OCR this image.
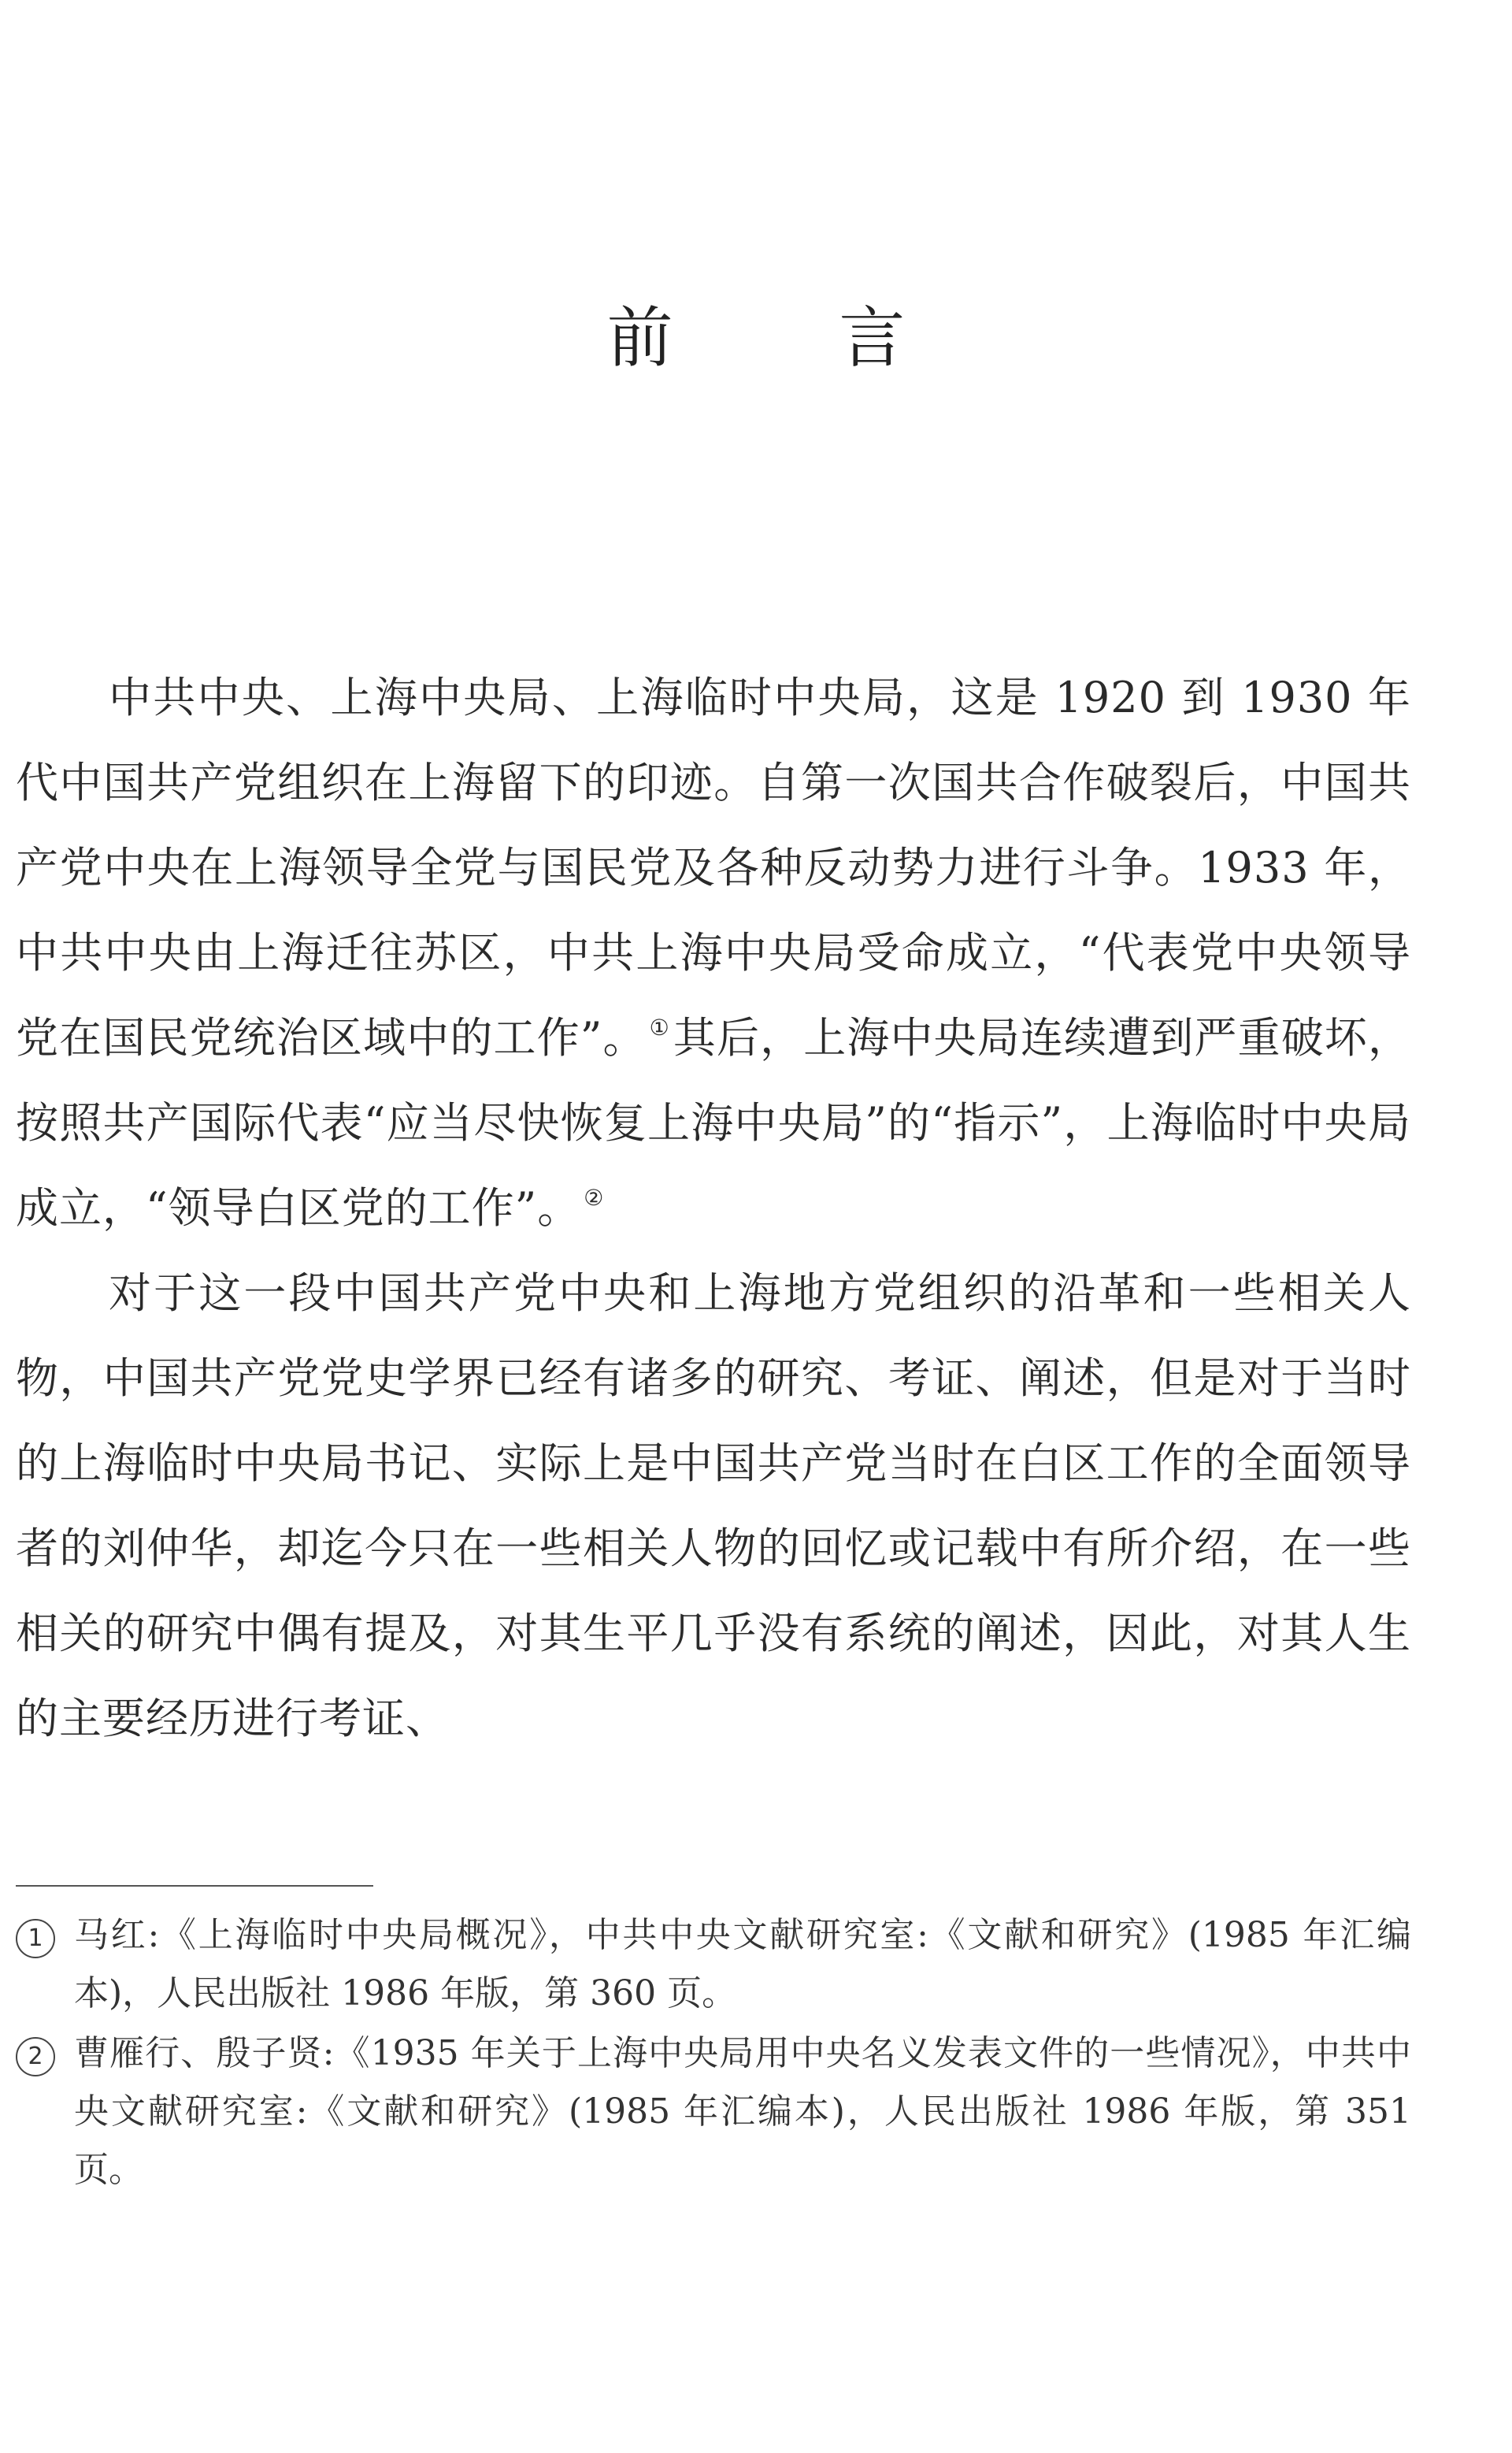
前 言

中共中央、上海中央局、上海临时中央局，这是 1920 到 1930 年代中国共产党组织在上海留下的印迹。自第一次国共合作破裂后，中国共产党中央在上海领导全党与国民党及各种反动势力进行斗争。1933 年，中共中央由上海迁往苏区，中共上海中央局受命成立，“代表党中央领导党在国民党统治区域中的工作”。 ①其后，上海中央局连续遭到严重破坏，按照共产国际代表“应当尽快恢复上海中央局”的“指示”，上海临时中央局成立，“领导白区党的工作”。 ②

对于这一段中国共产党中央和上海地方党组织的沿革和一些相关人物，中国共产党党史学界已经有诸多的研究、考证、阐述，但是对于当时的上海临时中央局书记、实际上是中国共产党当时在白区工作的全面领导者的刘仲华，却迄今只在一些相关人物的回忆或记载中有所介绍，在一些相关的研究中偶有提及，对其生平几乎没有系统的阐述，因此，对其人生的主要经历进行考证、

1 马红:《上海临时中央局概况》，中共中央文献研究室:《文献和研究》(1985 年汇编本)，人民出版社 1986 年版，第 360 页。
2 曹雁行、殷子贤:《1935 年关于上海中央局用中央名义发表文件的一些情况》，中共中央文献研究室:《文献和研究》(1985 年汇编本)，人民出版社 1986 年版，第 351 页。
